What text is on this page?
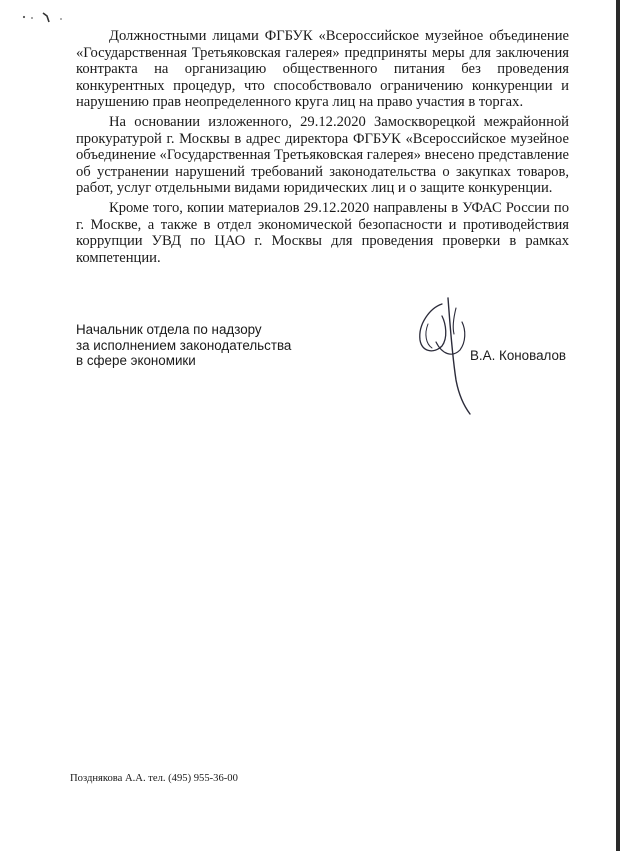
Должностными лицами ФГБУК «Всероссийское музейное объединение «Государственная Третьяковская галерея» предприняты меры для заключения контракта на организацию общественного питания без проведения конкурентных процедур, что способствовало ограничению конкуренции и нарушению прав неопределенного круга лиц на право участия в торгах.

На основании изложенного, 29.12.2020 Замоскворецкой межрайонной прокуратурой г. Москвы в адрес директора ФГБУК «Всероссийское музейное объединение «Государственная Третьяковская галерея» внесено представление об устранении нарушений требований законодательства о закупках товаров, работ, услуг отдельными видами юридических лиц и о защите конкуренции.

Кроме того, копии материалов 29.12.2020 направлены в УФАС России по г. Москве, а также в отдел экономической безопасности и противодействия коррупции УВД по ЦАО г. Москвы для проведения проверки в рамках компетенции.

Начальник отдела по надзору
за исполнением законодательства
в сфере экономики	В.А. Коновалов
Позднякова А.А. тел. (495) 955-36-00
